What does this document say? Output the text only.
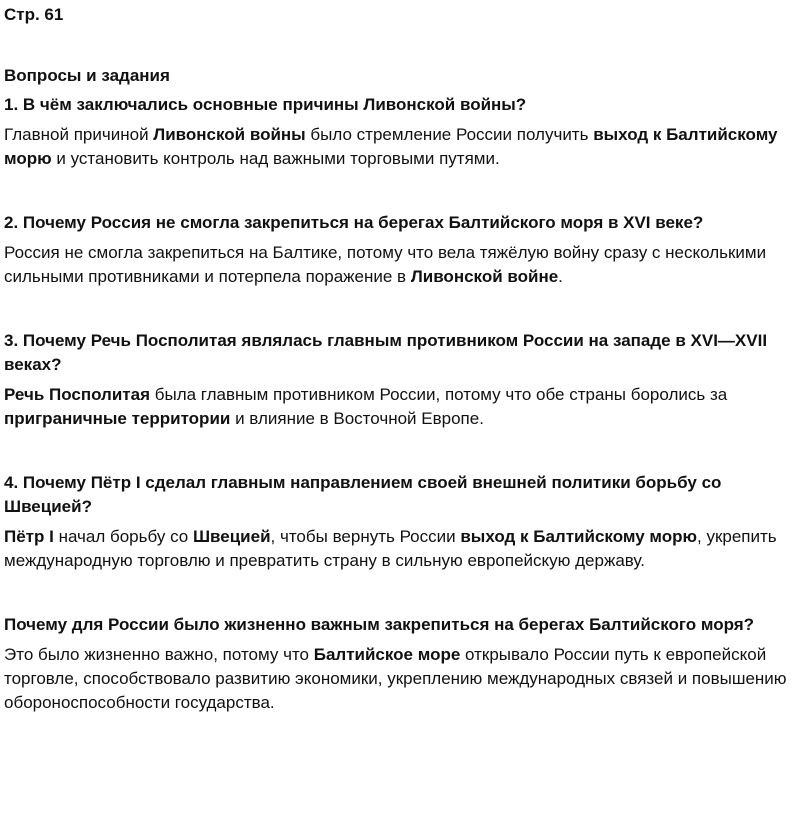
Стр. 61

Вопросы и задания

1. В чём заключались основные причины Ливонской войны?

Главной причиной Ливонской войны было стремление России получить выход к Балтийскому морю и установить контроль над важными торговыми путями.

2. Почему Россия не смогла закрепиться на берегах Балтийского моря в XVI веке?

Россия не смогла закрепиться на Балтике, потому что вела тяжёлую войну сразу с несколькими сильными противниками и потерпела поражение в Ливонской войне.

3. Почему Речь Посполитая являлась главным противником России на западе в XVI—XVII веках?

Речь Посполитая была главным противником России, потому что обе страны боролись за приграничные территории и влияние в Восточной Европе.

4. Почему Пётр I сделал главным направлением своей внешней политики борьбу со Швецией?

Пётр I начал борьбу со Швецией, чтобы вернуть России выход к Балтийскому морю, укрепить международную торговлю и превратить страну в сильную европейскую державу.

Почему для России было жизненно важным закрепиться на берегах Балтийского моря?

Это было жизненно важно, потому что Балтийское море открывало России путь к европейской торговле, способствовало развитию экономики, укреплению международных связей и повышению обороноспособности государства.
